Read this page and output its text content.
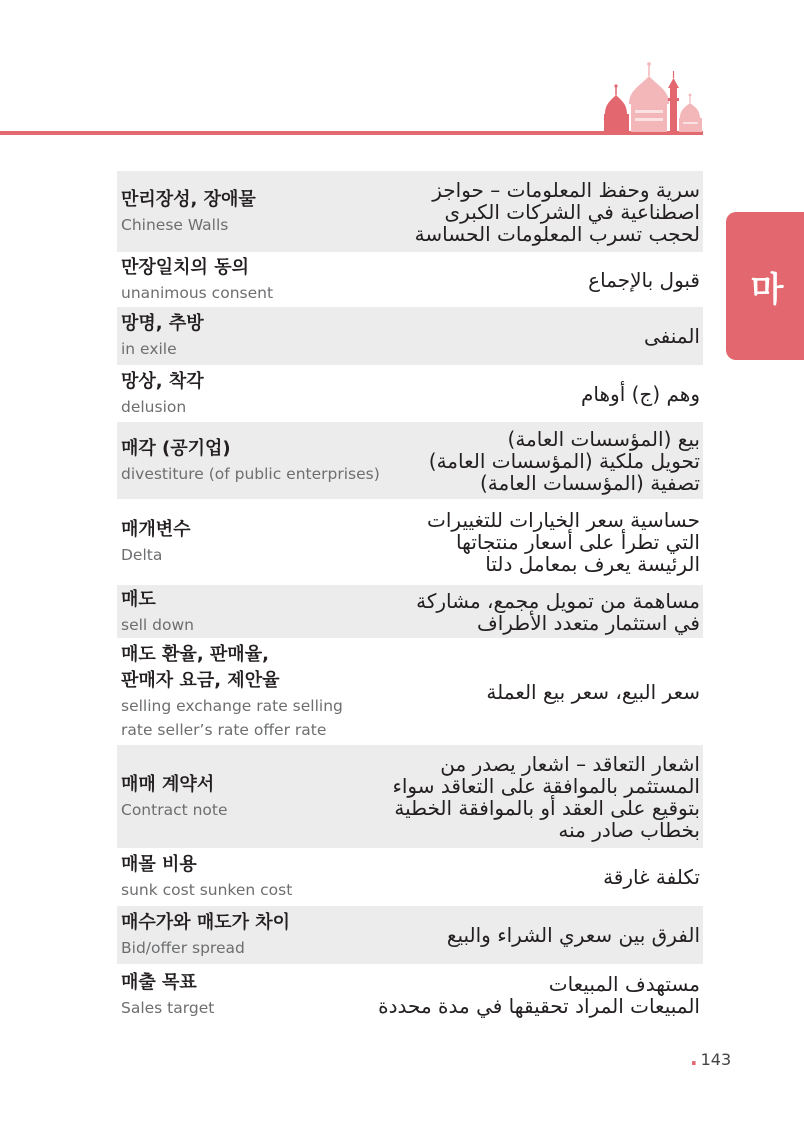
마
만리장성, 장애물
Chinese Walls
سرية وحفظ المعلومات – حواجز
اصطناعية في الشركات الكبرى
لحجب تسرب المعلومات الحساسة
만장일치의 동의
unanimous consent
قبول بالإجماع
망명, 추방
in exile
المنفى
망상, 착각
delusion
وهم (ج) أوهام
매각 (공기업)
divestiture (of public enterprises)
بيع (المؤسسات العامة)
تحويل ملكية (المؤسسات العامة)
تصفية (المؤسسات العامة)
매개변수
Delta
حساسية سعر الخيارات للتغييرات
التي تطرأ على أسعار منتجاتها
الرئيسة يعرف بمعامل دلتا
매도
sell down
مساهمة من تمويل مجمع، مشاركة
في استثمار متعدد الأطراف
매도 환율, 판매율,
판매자 요금, 제안율
selling exchange rate selling
rate seller’s rate offer rate
سعر البيع، سعر بيع العملة
매매 계약서
Contract note
اشعار التعاقد – اشعار يصدر من
المستثمر بالموافقة على التعاقد سواء
بتوقيع على العقد أو بالموافقة الخطية
بخطاب صادر منه
매몰 비용
sunk cost sunken cost
تكلفة غارقة
매수가와 매도가 차이
Bid/offer spread
الفرق بين سعري الشراء والبيع
매출 목표
Sales target
مستهدف المبيعات
المبيعات المراد تحقيقها في مدة محددة
. 143
